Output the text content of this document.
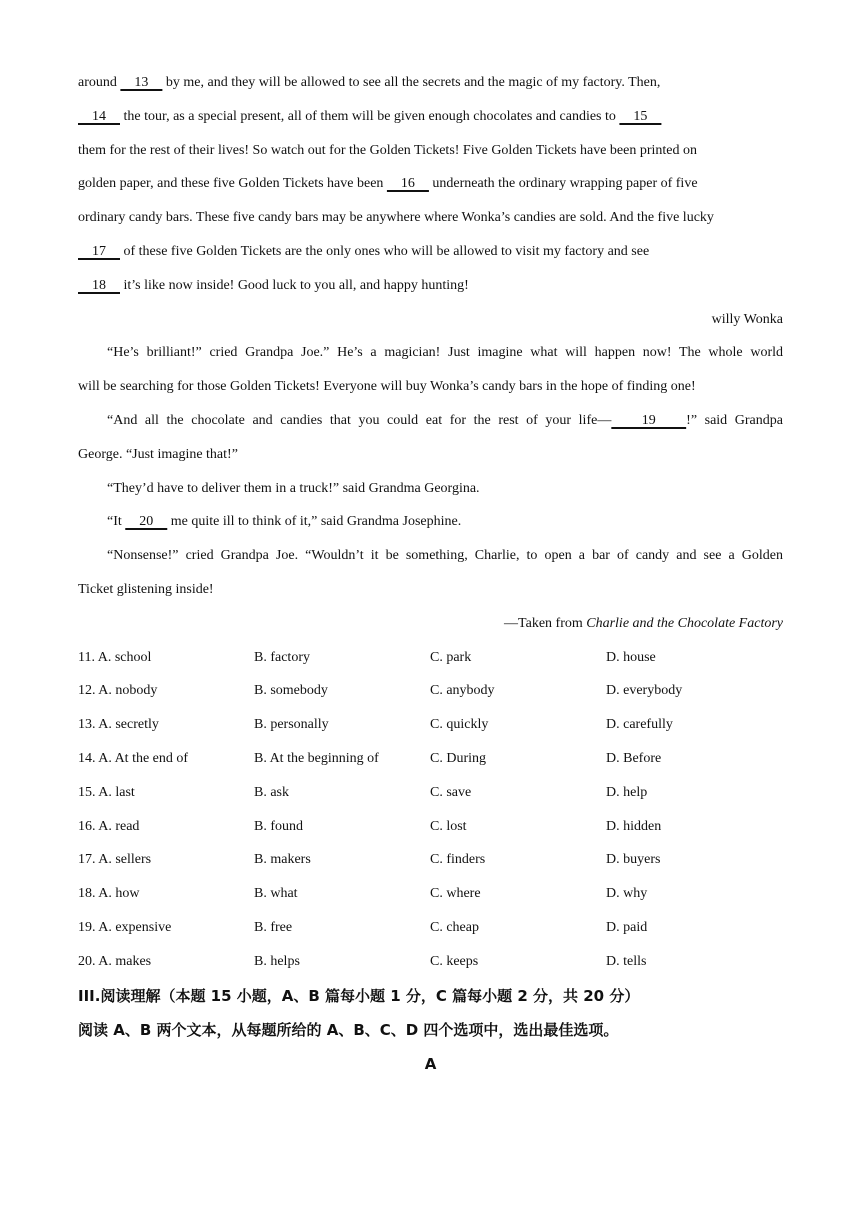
around     13     by me, and they will be allowed to see all the secrets and the magic of my factory. Then,
14     the tour, as a special present, all of them will be given enough chocolates and candies to     15
them for the rest of their lives! So watch out for the Golden Tickets! Five Golden Tickets have been printed on
golden paper, and these five Golden Tickets have been     16     underneath the ordinary wrapping paper of five
ordinary candy bars. These five candy bars may be anywhere where Wonka’s candies are sold. And the five lucky
17     of these five Golden Tickets are the only ones who will be allowed to visit my factory and see
18     it’s like now inside! Good luck to you all, and happy hunting!
willy Wonka
“He’s brilliant!” cried Grandpa Joe.” He’s a magician! Just imagine what will happen now! The whole world
will be searching for those Golden Tickets! Everyone will buy Wonka’s candy bars in the hope of finding one!
“And all the chocolate and candies that you could eat for the rest of your life—    19    !” said Grandpa
George. “Just imagine that!”
“They’d have to deliver them in a truck!” said Grandma Georgina.
“It     20     me quite ill to think of it,” said Grandma Josephine.
“Nonsense!” cried Grandpa Joe. “Wouldn’t it be something, Charlie, to open a bar of candy and see a Golden
Ticket glistening inside!
—Taken from Charlie and the Chocolate Factory
11. A. school	B. factory	C. park	D. house
12. A. nobody	B. somebody	C. anybody	D. everybody
13. A. secretly	B. personally	C. quickly	D. carefully
14. A. At the end of	B. At the beginning of	C. During	D. Before
15. A. last	B. ask	C. save	D. help
16. A. read	B. found	C. lost	D. hidden
17. A. sellers	B. makers	C. finders	D. buyers
18. A. how	B. what	C. where	D. why
19. A. expensive	B. free	C. cheap	D. paid
20. A. makes	B. helps	C. keeps	D. tells
III.阅读理解（本题 15 小题，A、B 篇每小题 1 分，C 篇每小题 2 分，共 20 分）
阅读 A、B 两个文本，从每题所给的 A、B、C、D 四个选项中，选出最佳选项。
A
